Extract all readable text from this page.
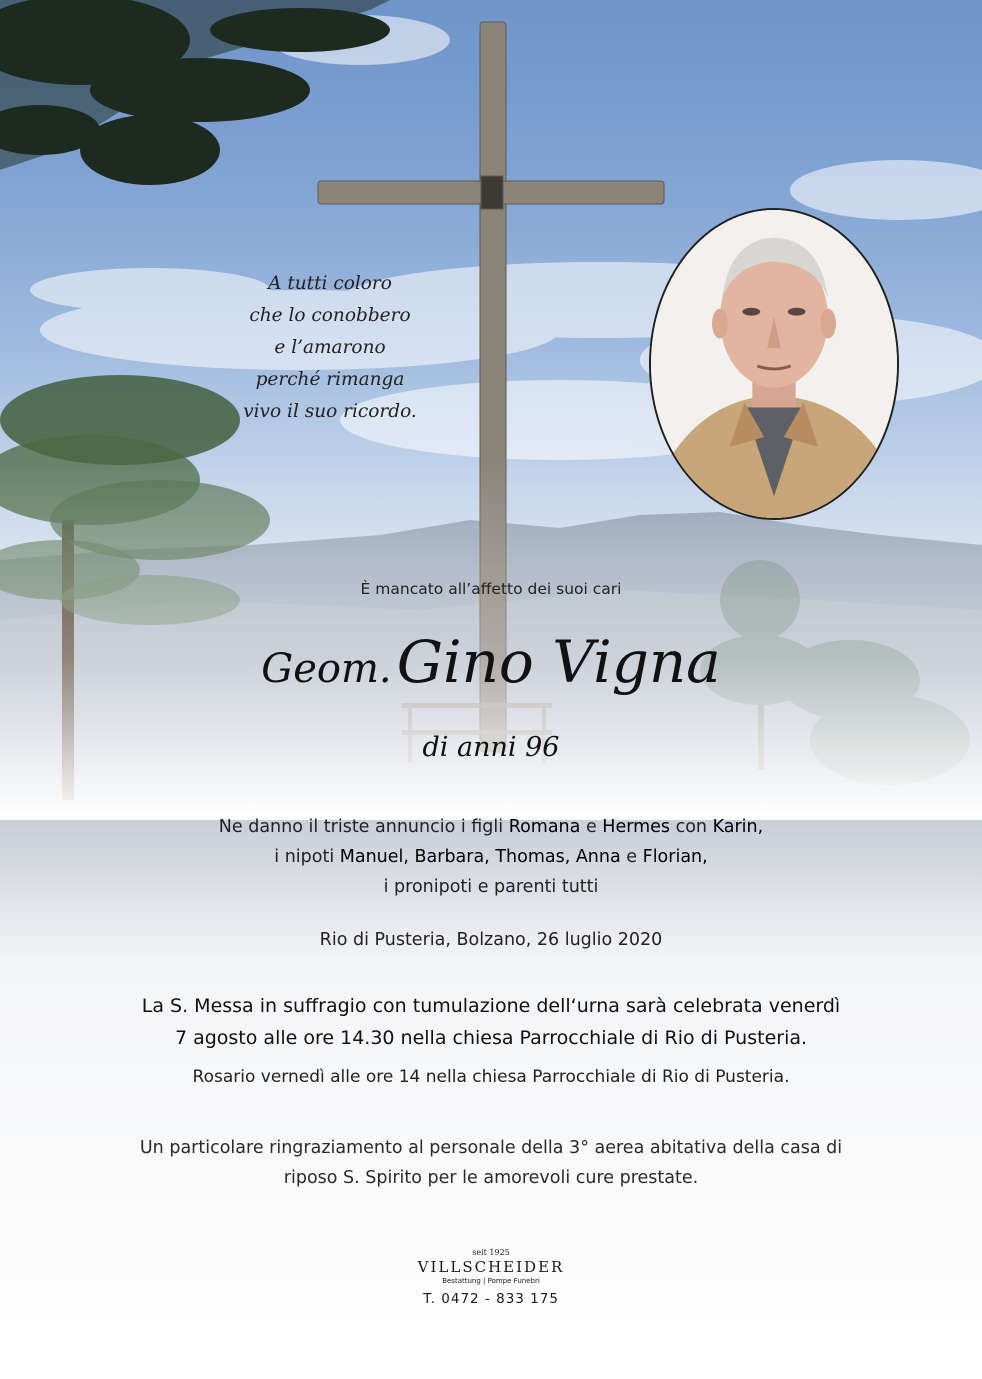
A tutti coloro
che lo conobbero
e l’amarono
perché rimanga
vivo il suo ricordo.
È mancato all’affetto dei suoi cari
Geom. Gino Vigna
di anni 96
Ne danno il triste annuncio i figli Romana e Hermes con Karin,
i nipoti Manuel, Barbara, Thomas, Anna e Florian,
i pronipoti e parenti tutti
Rio di Pusteria, Bolzano, 26 luglio 2020
La S. Messa in suffragio con tumulazione dell‘urna sarà celebrata venerdì
7 agosto alle ore 14.30 nella chiesa Parrocchiale di Rio di Pusteria.
Rosario vernedì alle ore 14 nella chiesa Parrocchiale di Rio di Pusteria.
Un particolare ringraziamento al personale della 3° aerea abitativa della casa di
riposo S. Spirito per le amorevoli cure prestate.
seit 1925
VILLSCHEIDER
Bestattung | Pompe Funebri
T. 0472 - 833 175
